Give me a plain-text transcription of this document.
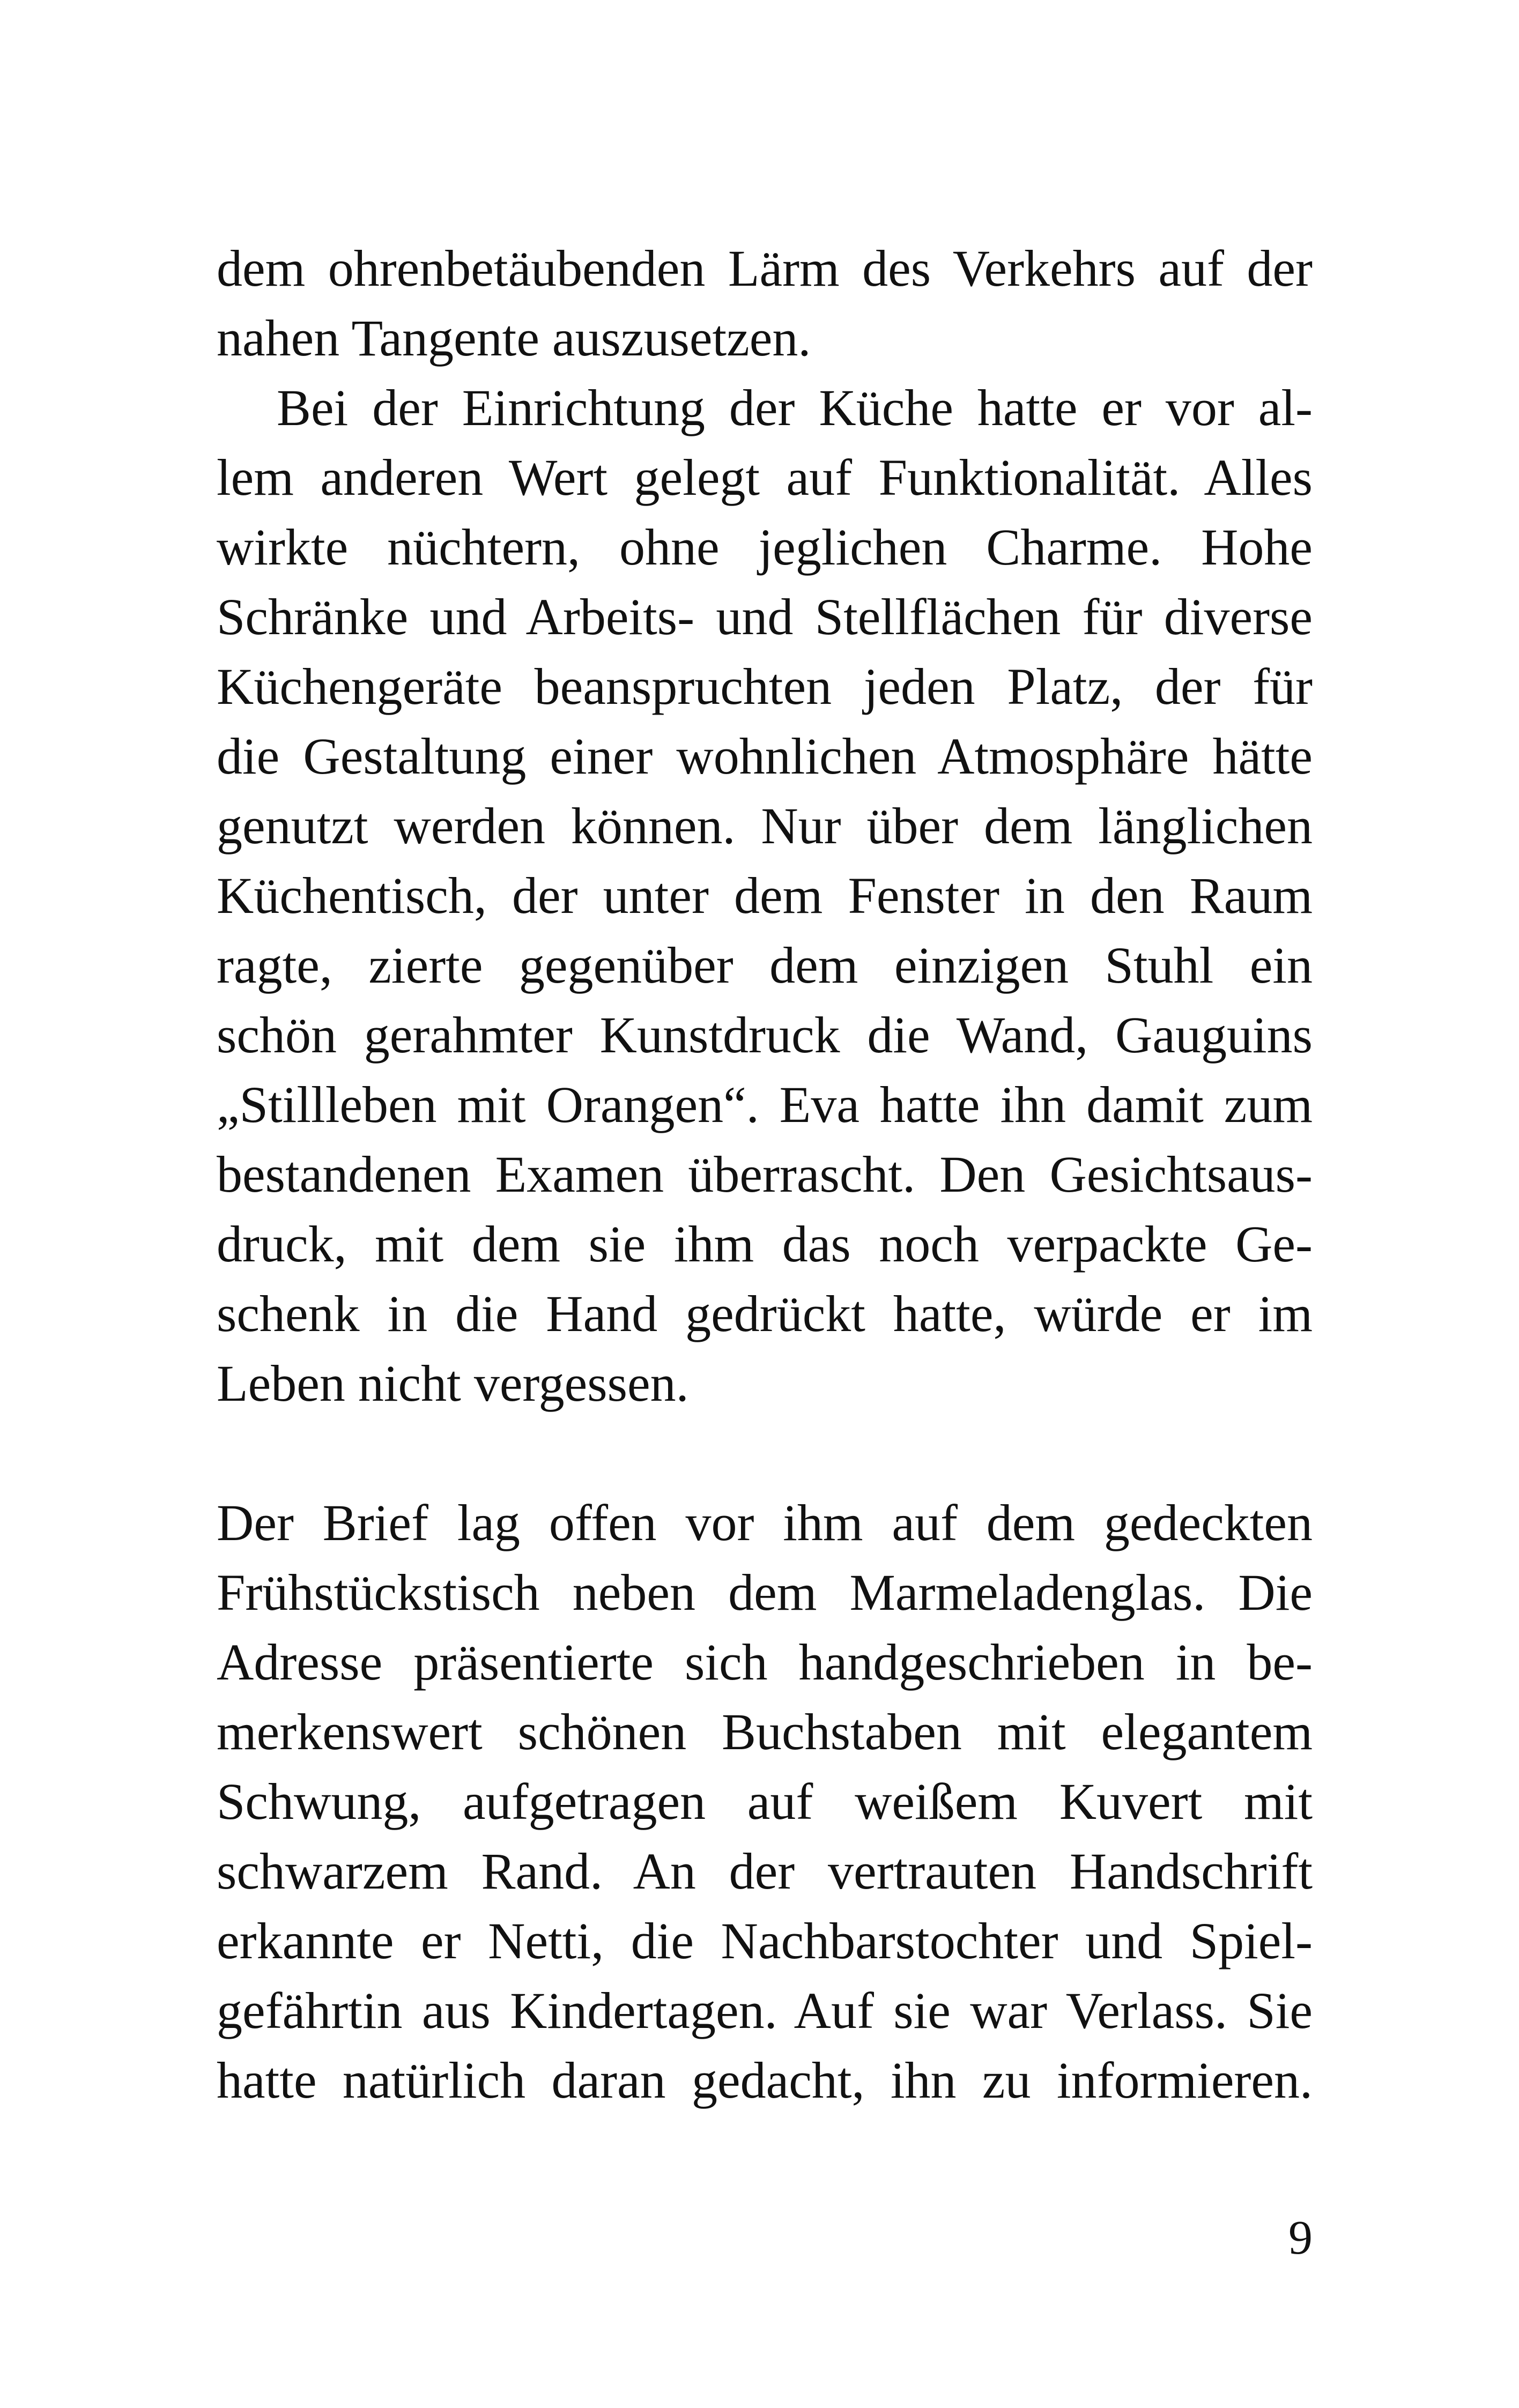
dem ohrenbetäubenden Lärm des Verkehrs auf der
nahen Tangente auszusetzen.
Bei der Einrichtung der Küche hatte er vor al-
lem anderen Wert gelegt auf Funktionalität. Alles
wirkte nüchtern, ohne jeglichen Charme. Hohe
Schränke und Arbeits- und Stellflächen für diverse
Küchengeräte beanspruchten jeden Platz, der für
die Gestaltung einer wohnlichen Atmosphäre hätte
genutzt werden können. Nur über dem länglichen
Küchentisch, der unter dem Fenster in den Raum
ragte, zierte gegenüber dem einzigen Stuhl ein
schön gerahmter Kunstdruck die Wand, Gauguins
„Stillleben mit Orangen“. Eva hatte ihn damit zum
bestandenen Examen überrascht. Den Gesichtsaus-
druck, mit dem sie ihm das noch verpackte Ge-
schenk in die Hand gedrückt hatte, würde er im
Leben nicht vergessen.
Der Brief lag offen vor ihm auf dem gedeckten
Frühstückstisch neben dem Marmeladenglas. Die
Adresse präsentierte sich handgeschrieben in be-
merkenswert schönen Buchstaben mit elegantem
Schwung, aufgetragen auf weißem Kuvert mit
schwarzem Rand. An der vertrauten Handschrift
erkannte er Netti, die Nachbarstochter und Spiel-
gefährtin aus Kindertagen. Auf sie war Verlass. Sie
hatte natürlich daran gedacht, ihn zu informieren.
9
